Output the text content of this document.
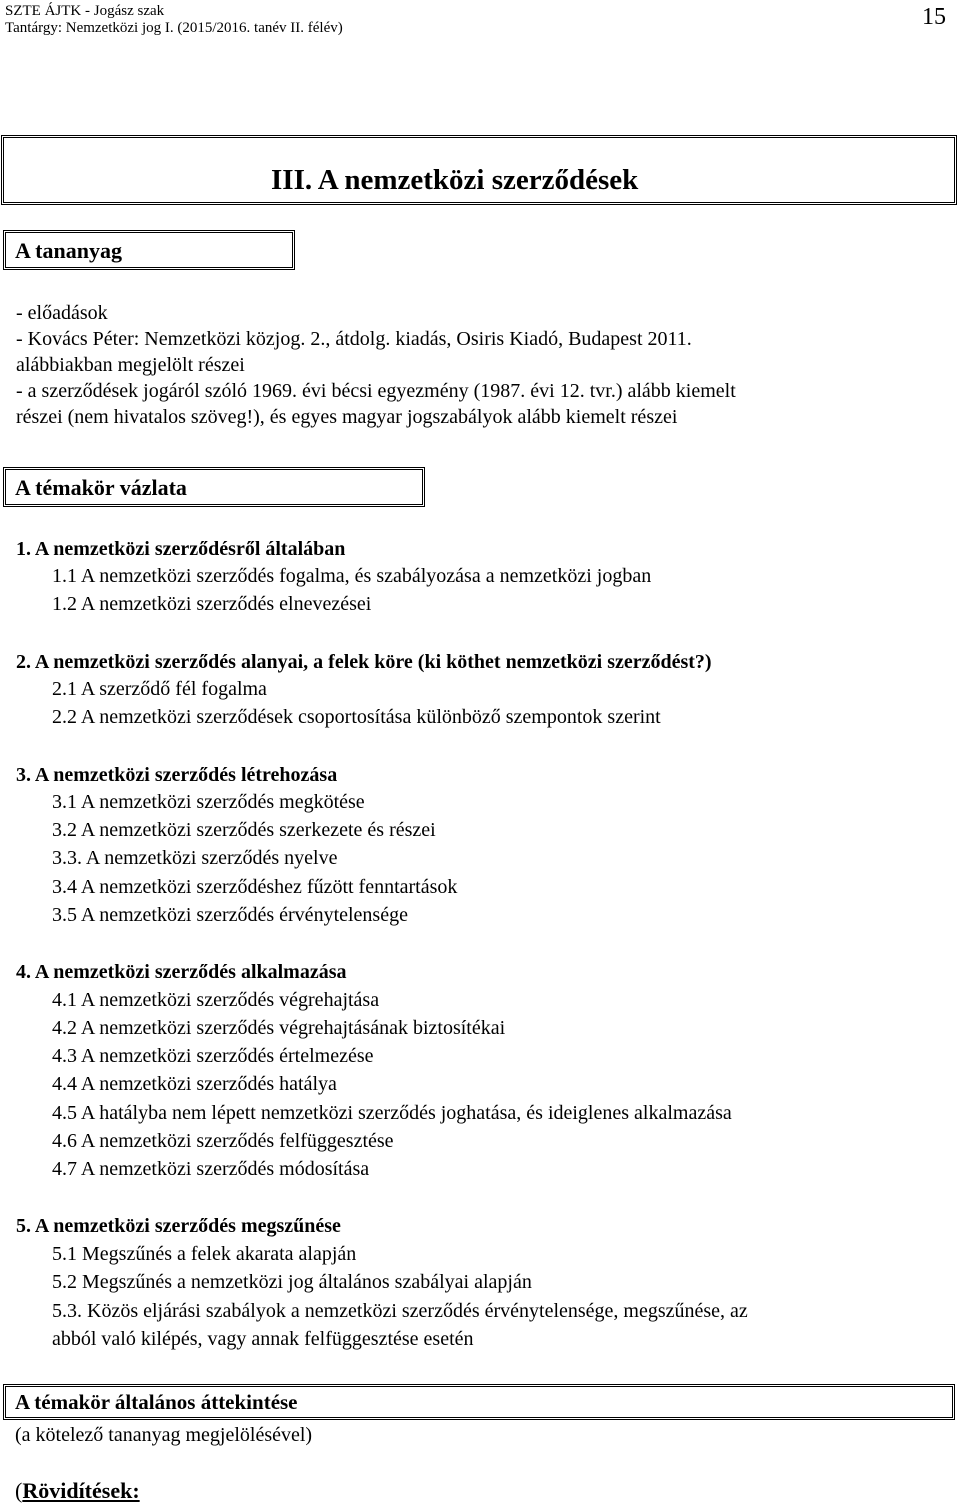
SZTE ÁJTK - Jogász szak
Tantárgy: Nemzetközi jog I. (2015/2016. tanév II. félév)	15
III. A nemzetközi szerződések
A tananyag
- előadások
- Kovács Péter: Nemzetközi közjog. 2., átdolg. kiadás, Osiris Kiadó, Budapest 2011.
alábbiakban megjelölt részei
- a szerződések jogáról szóló 1969. évi bécsi egyezmény (1987. évi 12. tvr.) alább kiemelt
részei (nem hivatalos szöveg!), és egyes magyar jogszabályok alább kiemelt részei
A témakör vázlata
1. A nemzetközi szerződésről általában
1.1 A nemzetközi szerződés fogalma, és szabályozása a nemzetközi jogban
1.2 A nemzetközi szerződés elnevezései
2. A nemzetközi szerződés alanyai, a felek köre (ki köthet nemzetközi szerződést?)
2.1 A szerződő fél fogalma
2.2 A nemzetközi szerződések csoportosítása különböző szempontok szerint
3. A nemzetközi szerződés létrehozása
3.1 A nemzetközi szerződés megkötése
3.2 A nemzetközi szerződés szerkezete és részei
3.3. A nemzetközi szerződés nyelve
3.4 A nemzetközi szerződéshez fűzött fenntartások
3.5 A nemzetközi szerződés érvénytelensége
4. A nemzetközi szerződés alkalmazása
4.1 A nemzetközi szerződés végrehajtása
4.2 A nemzetközi szerződés végrehajtásának biztosítékai
4.3 A nemzetközi szerződés értelmezése
4.4 A nemzetközi szerződés hatálya
4.5 A hatályba nem lépett nemzetközi szerződés joghatása, és ideiglenes alkalmazása
4.6 A nemzetközi szerződés felfüggesztése
4.7 A nemzetközi szerződés módosítása
5. A nemzetközi szerződés megszűnése
5.1 Megszűnés a felek akarata alapján
5.2 Megszűnés a nemzetközi jog általános szabályai alapján
5.3. Közös eljárási szabályok a nemzetközi szerződés érvénytelensége, megszűnése, az
abból való kilépés, vagy annak felfüggesztése esetén
A témakör általános áttekintése
(a kötelező tananyag megjelölésével)
(Rövidítések:
